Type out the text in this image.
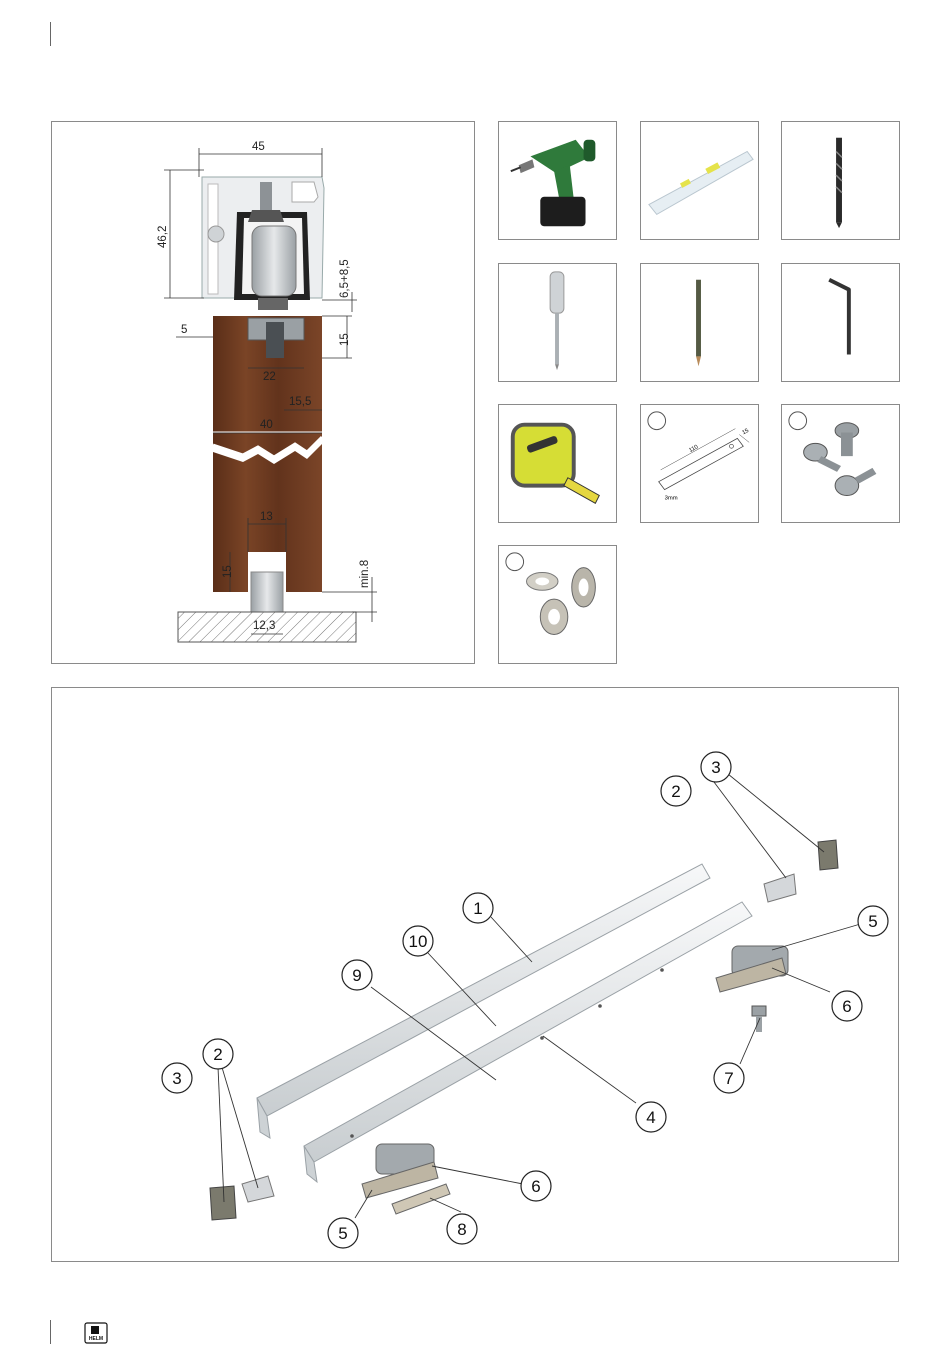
45
46,2
6,5+8,5
5
15
22
15,5
40
13
15	min.8
12,3
110
15
3mm
1
10
9
4
3
2
5
6
7
2
3
6
8
5
HELM
